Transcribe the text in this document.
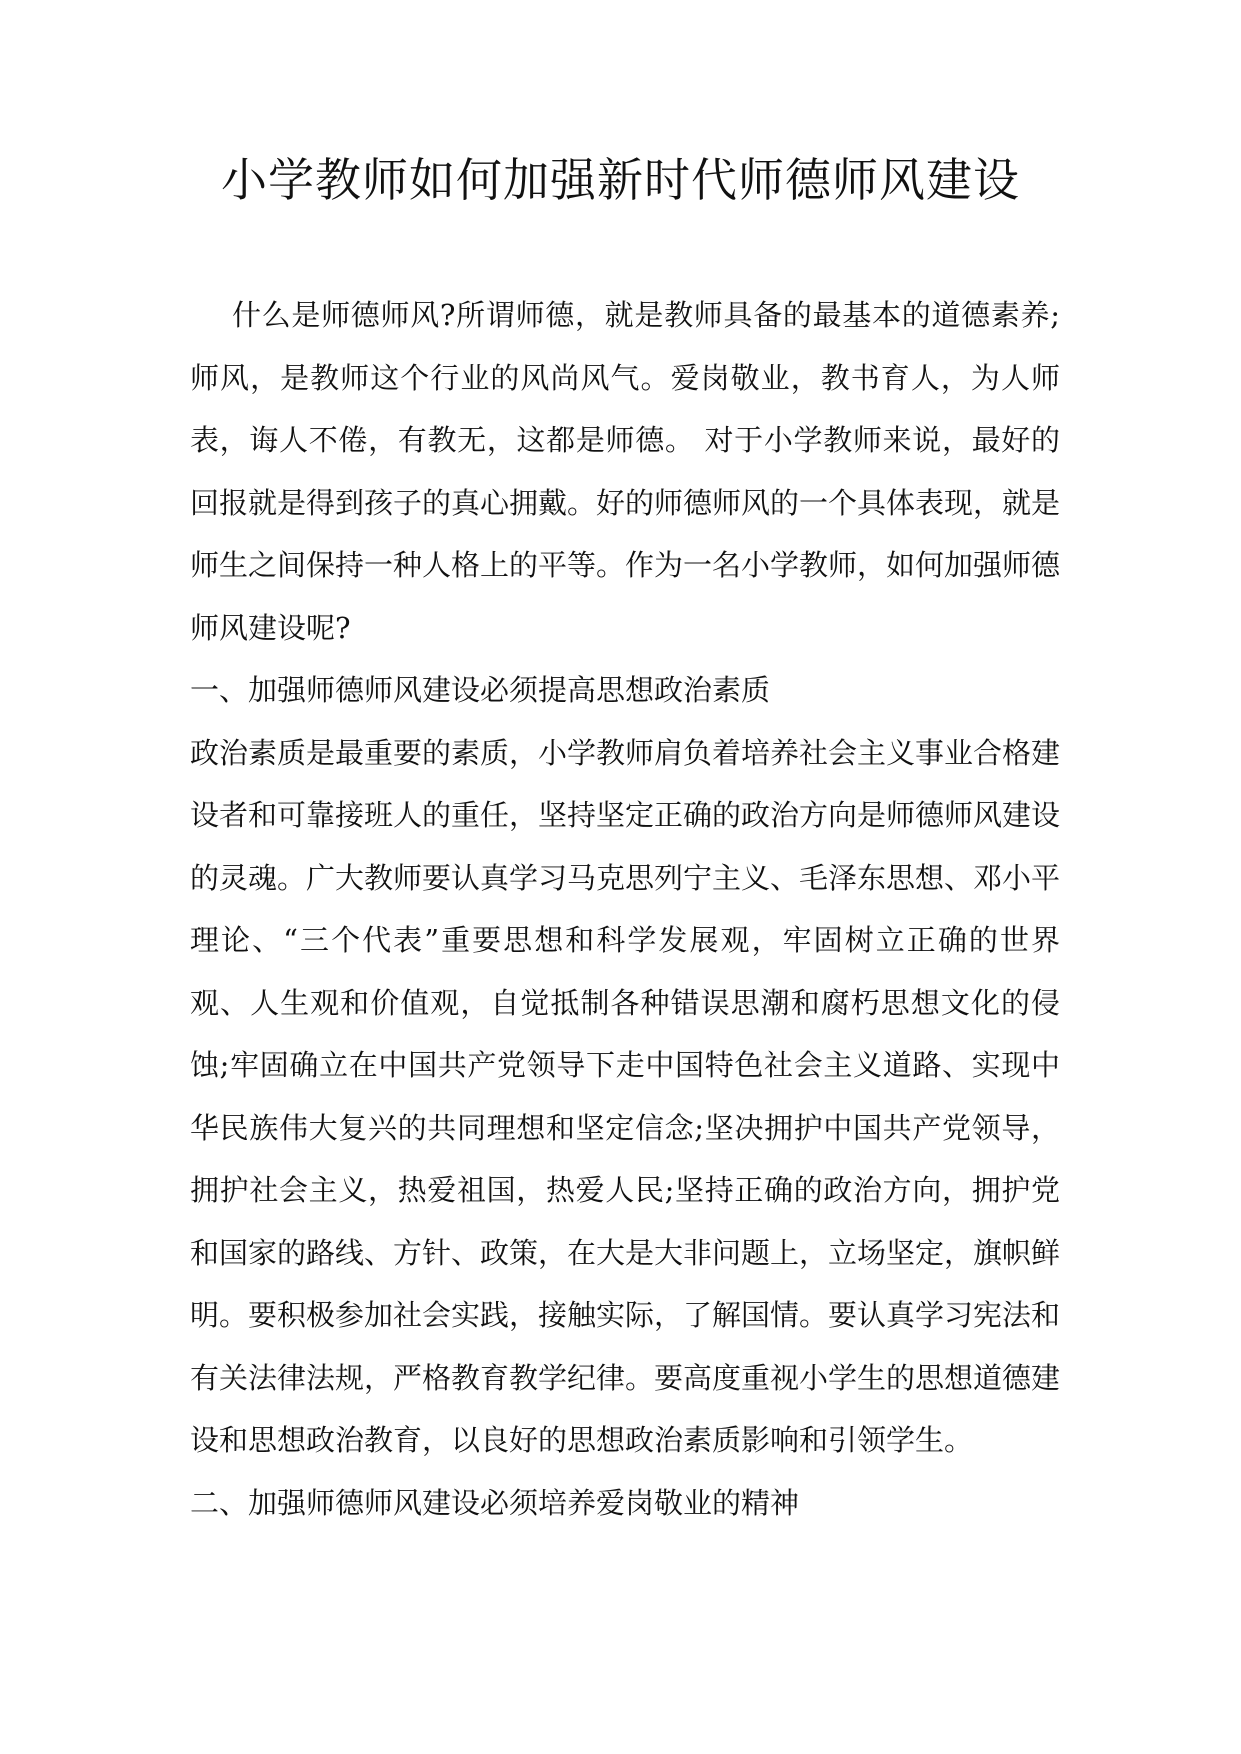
小学教师如何加强新时代师德师风建设

什么是师德师风?所谓师德，就是教师具备的最基本的道德素养;师风，是教师这个行业的风尚风气。爱岗敬业，教书育人，为人师表，诲人不倦，有教无，这都是师德。 对于小学教师来说，最好的回报就是得到孩子的真心拥戴。好的师德师风的一个具体表现，就是师生之间保持一种人格上的平等。作为一名小学教师，如何加强师德师风建设呢?

一、加强师德师风建设必须提高思想政治素质

政治素质是最重要的素质，小学教师肩负着培养社会主义事业合格建设者和可靠接班人的重任，坚持坚定正确的政治方向是师德师风建设的灵魂。广大教师要认真学习马克思列宁主义、毛泽东思想、邓小平理论、“三个代表”重要思想和科学发展观，牢固树立正确的世界观、人生观和价值观，自觉抵制各种错误思潮和腐朽思想文化的侵蚀;牢固确立在中国共产党领导下走中国特色社会主义道路、实现中华民族伟大复兴的共同理想和坚定信念;坚决拥护中国共产党领导，拥护社会主义，热爱祖国，热爱人民;坚持正确的政治方向，拥护党和国家的路线、方针、政策，在大是大非问题上，立场坚定，旗帜鲜明。要积极参加社会实践，接触实际，了解国情。要认真学习宪法和有关法律法规，严格教育教学纪律。要高度重视小学生的思想道德建设和思想政治教育，以良好的思想政治素质影响和引领学生。

二、加强师德师风建设必须培养爱岗敬业的精神
